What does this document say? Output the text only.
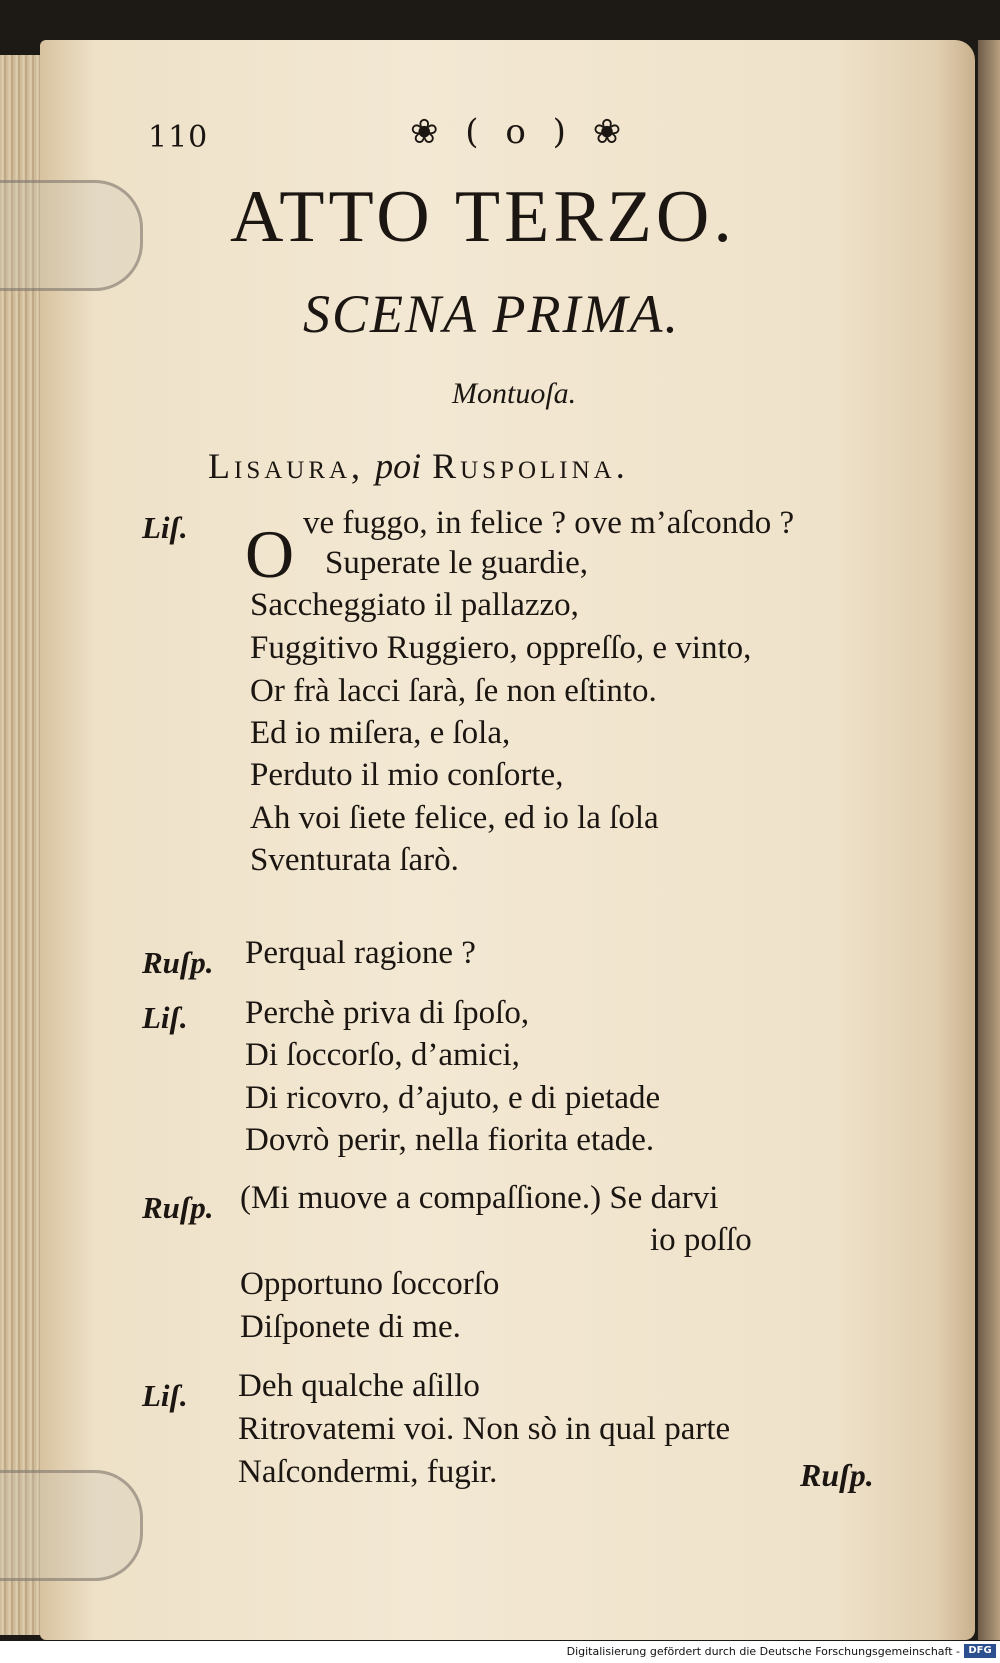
110	❀ ( o ) ❀
ATTO TERZO.
SCENA PRIMA.
Montuoſa.
Lisaura, poi Ruspolina.
Liſ. O ve fuggo, in felice ? ove m’aſcondo ?
Superate le guardie,
Saccheggiato il pallazzo,
Fuggitivo Ruggiero, oppreſſo, e vinto,
Or frà lacci ſarà, ſe non eſtinto.
Ed io miſera, e ſola,
Perduto il mio conſorte,
Ah voi ſiete felice, ed io la ſola
Sventurata ſarò.
Ruſp. Perqual ragione ?
Liſ. Perchè priva di ſpoſo,
Di ſoccorſo, d’amici,
Di ricovro, d’ajuto, e di pietade
Dovrò perir, nella fiorita etade.
Ruſp. (Mi muove a compaſſione.) Se darvi
io poſſo
Opportuno ſoccorſo
Diſponete di me.
Liſ. Deh qualche aſillo
Ritrovatemi voi. Non sò in qual parte
Naſcondermi, fugir.	Ruſp.
Digitalisierung gefördert durch die Deutsche Forschungsgemeinschaft - DFG
